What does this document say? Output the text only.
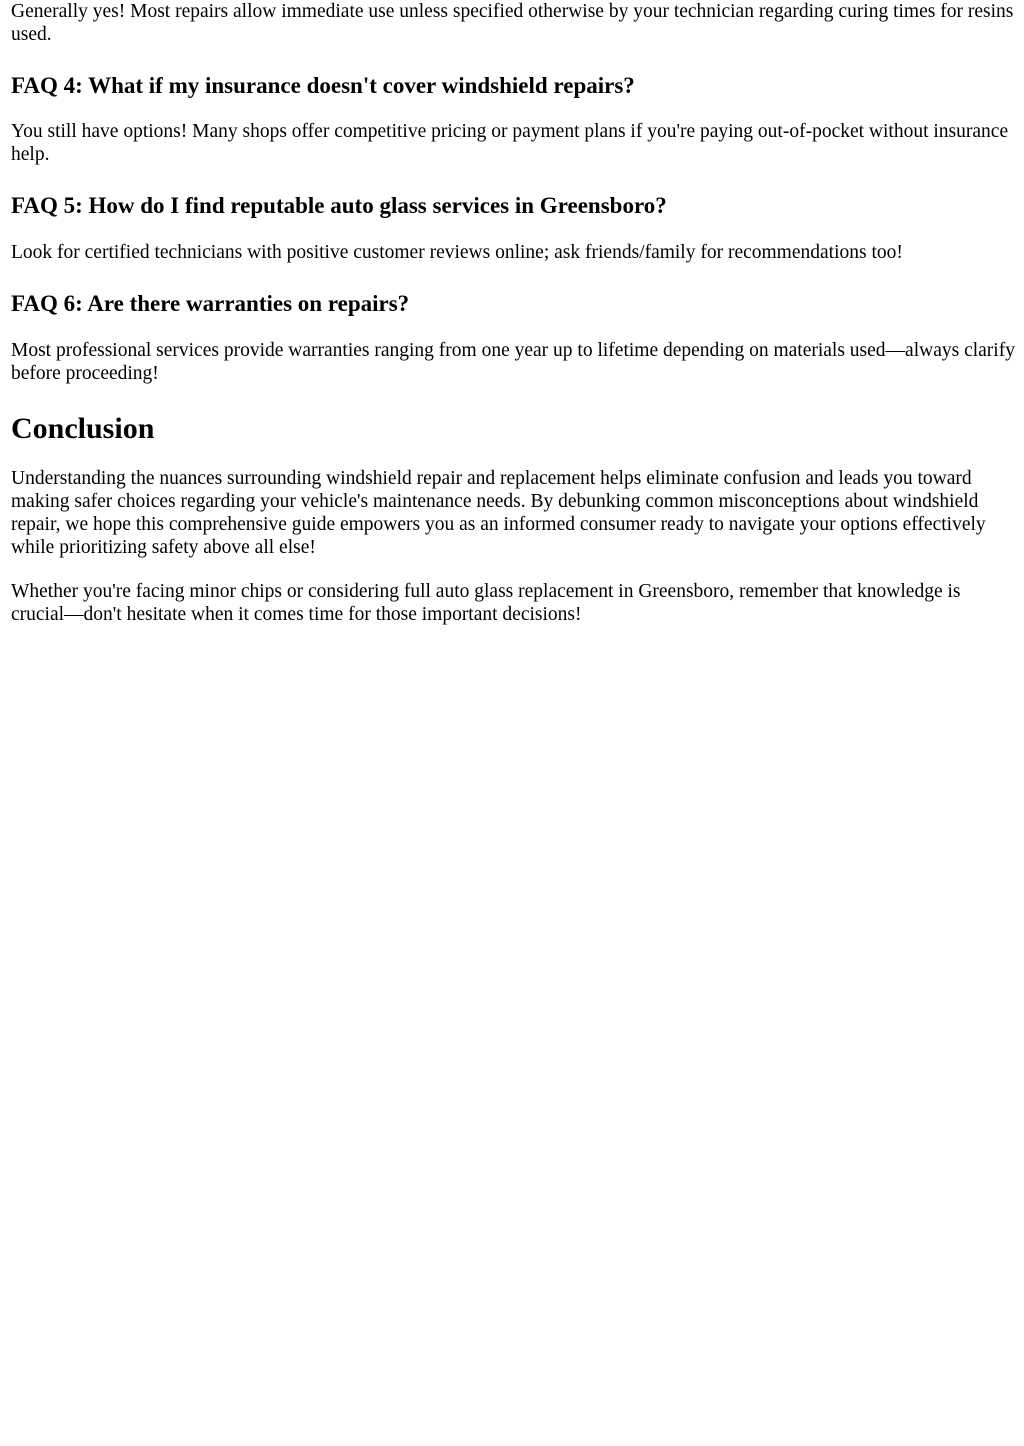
Generally yes! Most repairs allow immediate use unless specified otherwise by your technician regarding curing times for resins used.

FAQ 4: What if my insurance doesn't cover windshield repairs?

You still have options! Many shops offer competitive pricing or payment plans if you're paying out-of-pocket without insurance help.

FAQ 5: How do I find reputable auto glass services in Greensboro?

Look for certified technicians with positive customer reviews online; ask friends/family for recommendations too!

FAQ 6: Are there warranties on repairs?

Most professional services provide warranties ranging from one year up to lifetime depending on materials used—always clarify before proceeding!

Conclusion

Understanding the nuances surrounding windshield repair and replacement helps eliminate confusion and leads you toward making safer choices regarding your vehicle's maintenance needs. By debunking common misconceptions about windshield repair, we hope this comprehensive guide empowers you as an informed consumer ready to navigate your options effectively while prioritizing safety above all else!

Whether you're facing minor chips or considering full auto glass replacement in Greensboro, remember that knowledge is crucial—don't hesitate when it comes time for those important decisions!
